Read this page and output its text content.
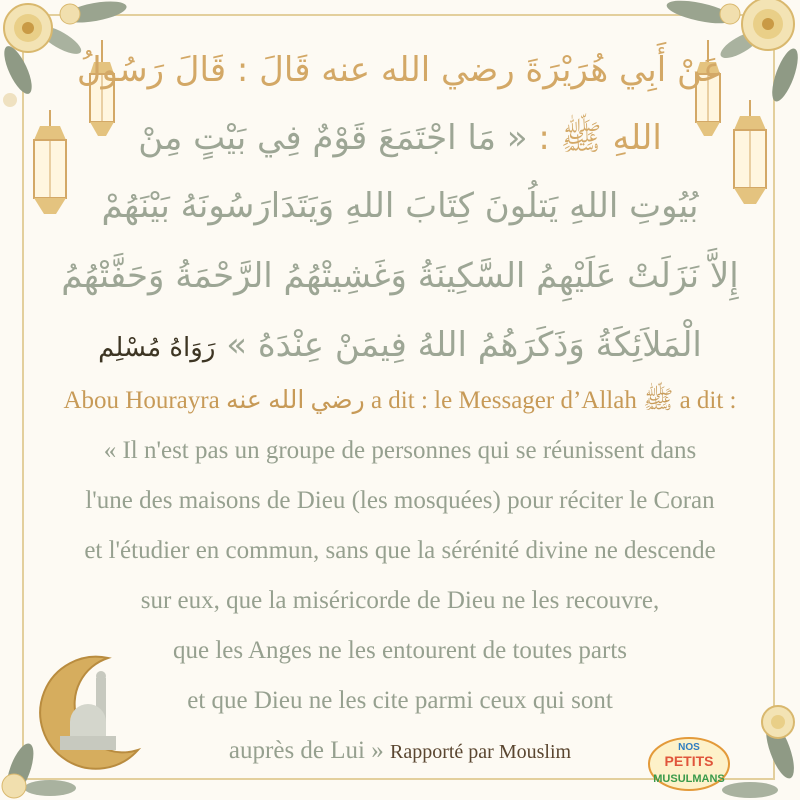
عَنْ أَبِي هُرَيْرَةَ رضي الله عنه قَالَ : قَالَ رَسُولُ
اللهِ ﷺ : « مَا اجْتَمَعَ قَوْمٌ فِي بَيْتٍ مِنْ
بُيُوتِ اللهِ يَتلُونَ كِتَابَ اللهِ وَيَتَدَارَسُونَهُ بَيْنَهُمْ
إِلاَّ نَزَلَتْ عَلَيْهِمُ السَّكِينَةُ وَغَشِيتْهُمُ الرَّحْمَةُ وَحَفَّتْهُمُ
الْمَلاَئِكَةُ وَذَكَرَهُمُ اللهُ فِيمَنْ عِنْدَهُ » رَوَاهُ مُسْلِم
Abou Hourayra رضي الله عنه a dit : le Messager d’Allah ﷺ a dit :
« Il n'est pas un groupe de personnes qui se réunissent dans
l'une des maisons de Dieu (les mosquées) pour réciter le Coran
et l'étudier en commun, sans que la sérénité divine ne descende
sur eux, que la miséricorde de Dieu ne les recouvre,
que les Anges ne les entourent de toutes parts
et que Dieu ne les cite parmi ceux qui sont
auprès de Lui » Rapporté par Mouslim	NOS
PETITS
MUSULMANS
